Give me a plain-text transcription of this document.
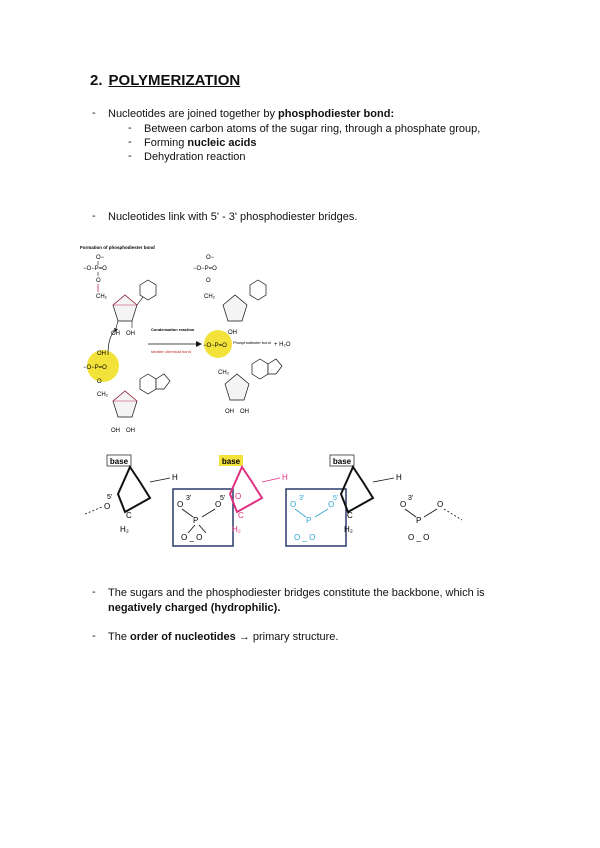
2. POLYMERIZATION
- Nucleotides are joined together by phosphodiester bond:
- Between carbon atoms of the sugar ring, through a phosphate group,
- Forming nucleic acids
- Dehydration reaction
- Nucleotides link with 5' - 3' phosphodiester bridges.
Formation of phosphodiester bond
O−
−O−P=O
O
CH₂
OH OH
OH
−O−P=O
O
CH₂
OH OH
Condensation reaction
smaller chemical bond
O−
−O−P=O
O
CH₂
OH
−O−P=O
Phosphodiester bond + H₂O
CH₂
OH OH
base
H
C
H₂
5'
O	O
3'
P
O
5'
O _ O
base
H
C
H₂
O
O
3'
P
O
5'
O _ O
base
H
C
H₂
O
3'
P
O _ O
O
- The sugars and the phosphodiester bridges constitute the backbone, which is
negatively charged (hydrophilic).
- The order of nucleotides → primary structure.
